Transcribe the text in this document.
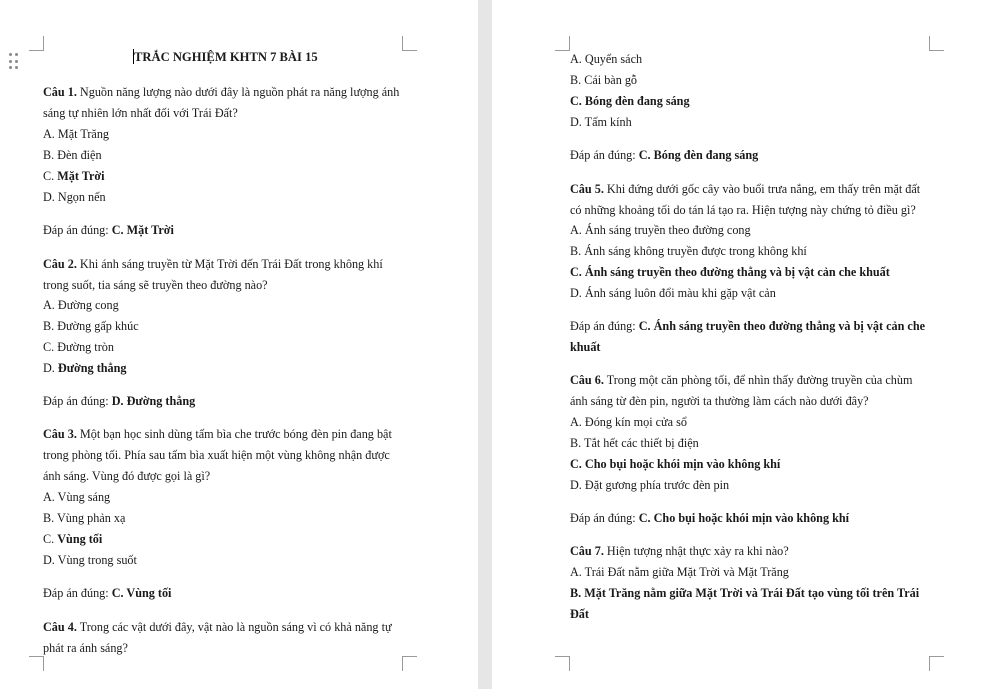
TRẮC NGHIỆM KHTN 7 BÀI 15
Câu 1. Nguồn năng lượng nào dưới đây là nguồn phát ra năng lượng ánh
sáng tự nhiên lớn nhất đối với Trái Đất?
A. Mặt Trăng
B. Đèn điện
C. Mặt Trời
D. Ngọn nến
Đáp án đúng: C. Mặt Trời
Câu 2. Khi ánh sáng truyền từ Mặt Trời đến Trái Đất trong không khí
trong suốt, tia sáng sẽ truyền theo đường nào?
A. Đường cong
B. Đường gấp khúc
C. Đường tròn
D. Đường thẳng
Đáp án đúng: D. Đường thẳng
Câu 3. Một bạn học sinh dùng tấm bìa che trước bóng đèn pin đang bật
trong phòng tối. Phía sau tấm bìa xuất hiện một vùng không nhận được
ánh sáng. Vùng đó được gọi là gì?
A. Vùng sáng
B. Vùng phản xạ
C. Vùng tối
D. Vùng trong suốt
Đáp án đúng: C. Vùng tối
Câu 4. Trong các vật dưới đây, vật nào là nguồn sáng vì có khả năng tự
phát ra ánh sáng?
A. Quyển sách
B. Cái bàn gỗ
C. Bóng đèn đang sáng
D. Tấm kính
Đáp án đúng: C. Bóng đèn đang sáng
Câu 5. Khi đứng dưới gốc cây vào buổi trưa nắng, em thấy trên mặt đất
có những khoảng tối do tán lá tạo ra. Hiện tượng này chứng tỏ điều gì?
A. Ánh sáng truyền theo đường cong
B. Ánh sáng không truyền được trong không khí
C. Ánh sáng truyền theo đường thẳng và bị vật cản che khuất
D. Ánh sáng luôn đổi màu khi gặp vật cản
Đáp án đúng: C. Ánh sáng truyền theo đường thẳng và bị vật cản che
khuất
Câu 6. Trong một căn phòng tối, để nhìn thấy đường truyền của chùm
ánh sáng từ đèn pin, người ta thường làm cách nào dưới đây?
A. Đóng kín mọi cửa sổ
B. Tắt hết các thiết bị điện
C. Cho bụi hoặc khói mịn vào không khí
D. Đặt gương phía trước đèn pin
Đáp án đúng: C. Cho bụi hoặc khói mịn vào không khí
Câu 7. Hiện tượng nhật thực xảy ra khi nào?
A. Trái Đất nằm giữa Mặt Trời và Mặt Trăng
B. Mặt Trăng nằm giữa Mặt Trời và Trái Đất tạo vùng tối trên Trái
Đất
